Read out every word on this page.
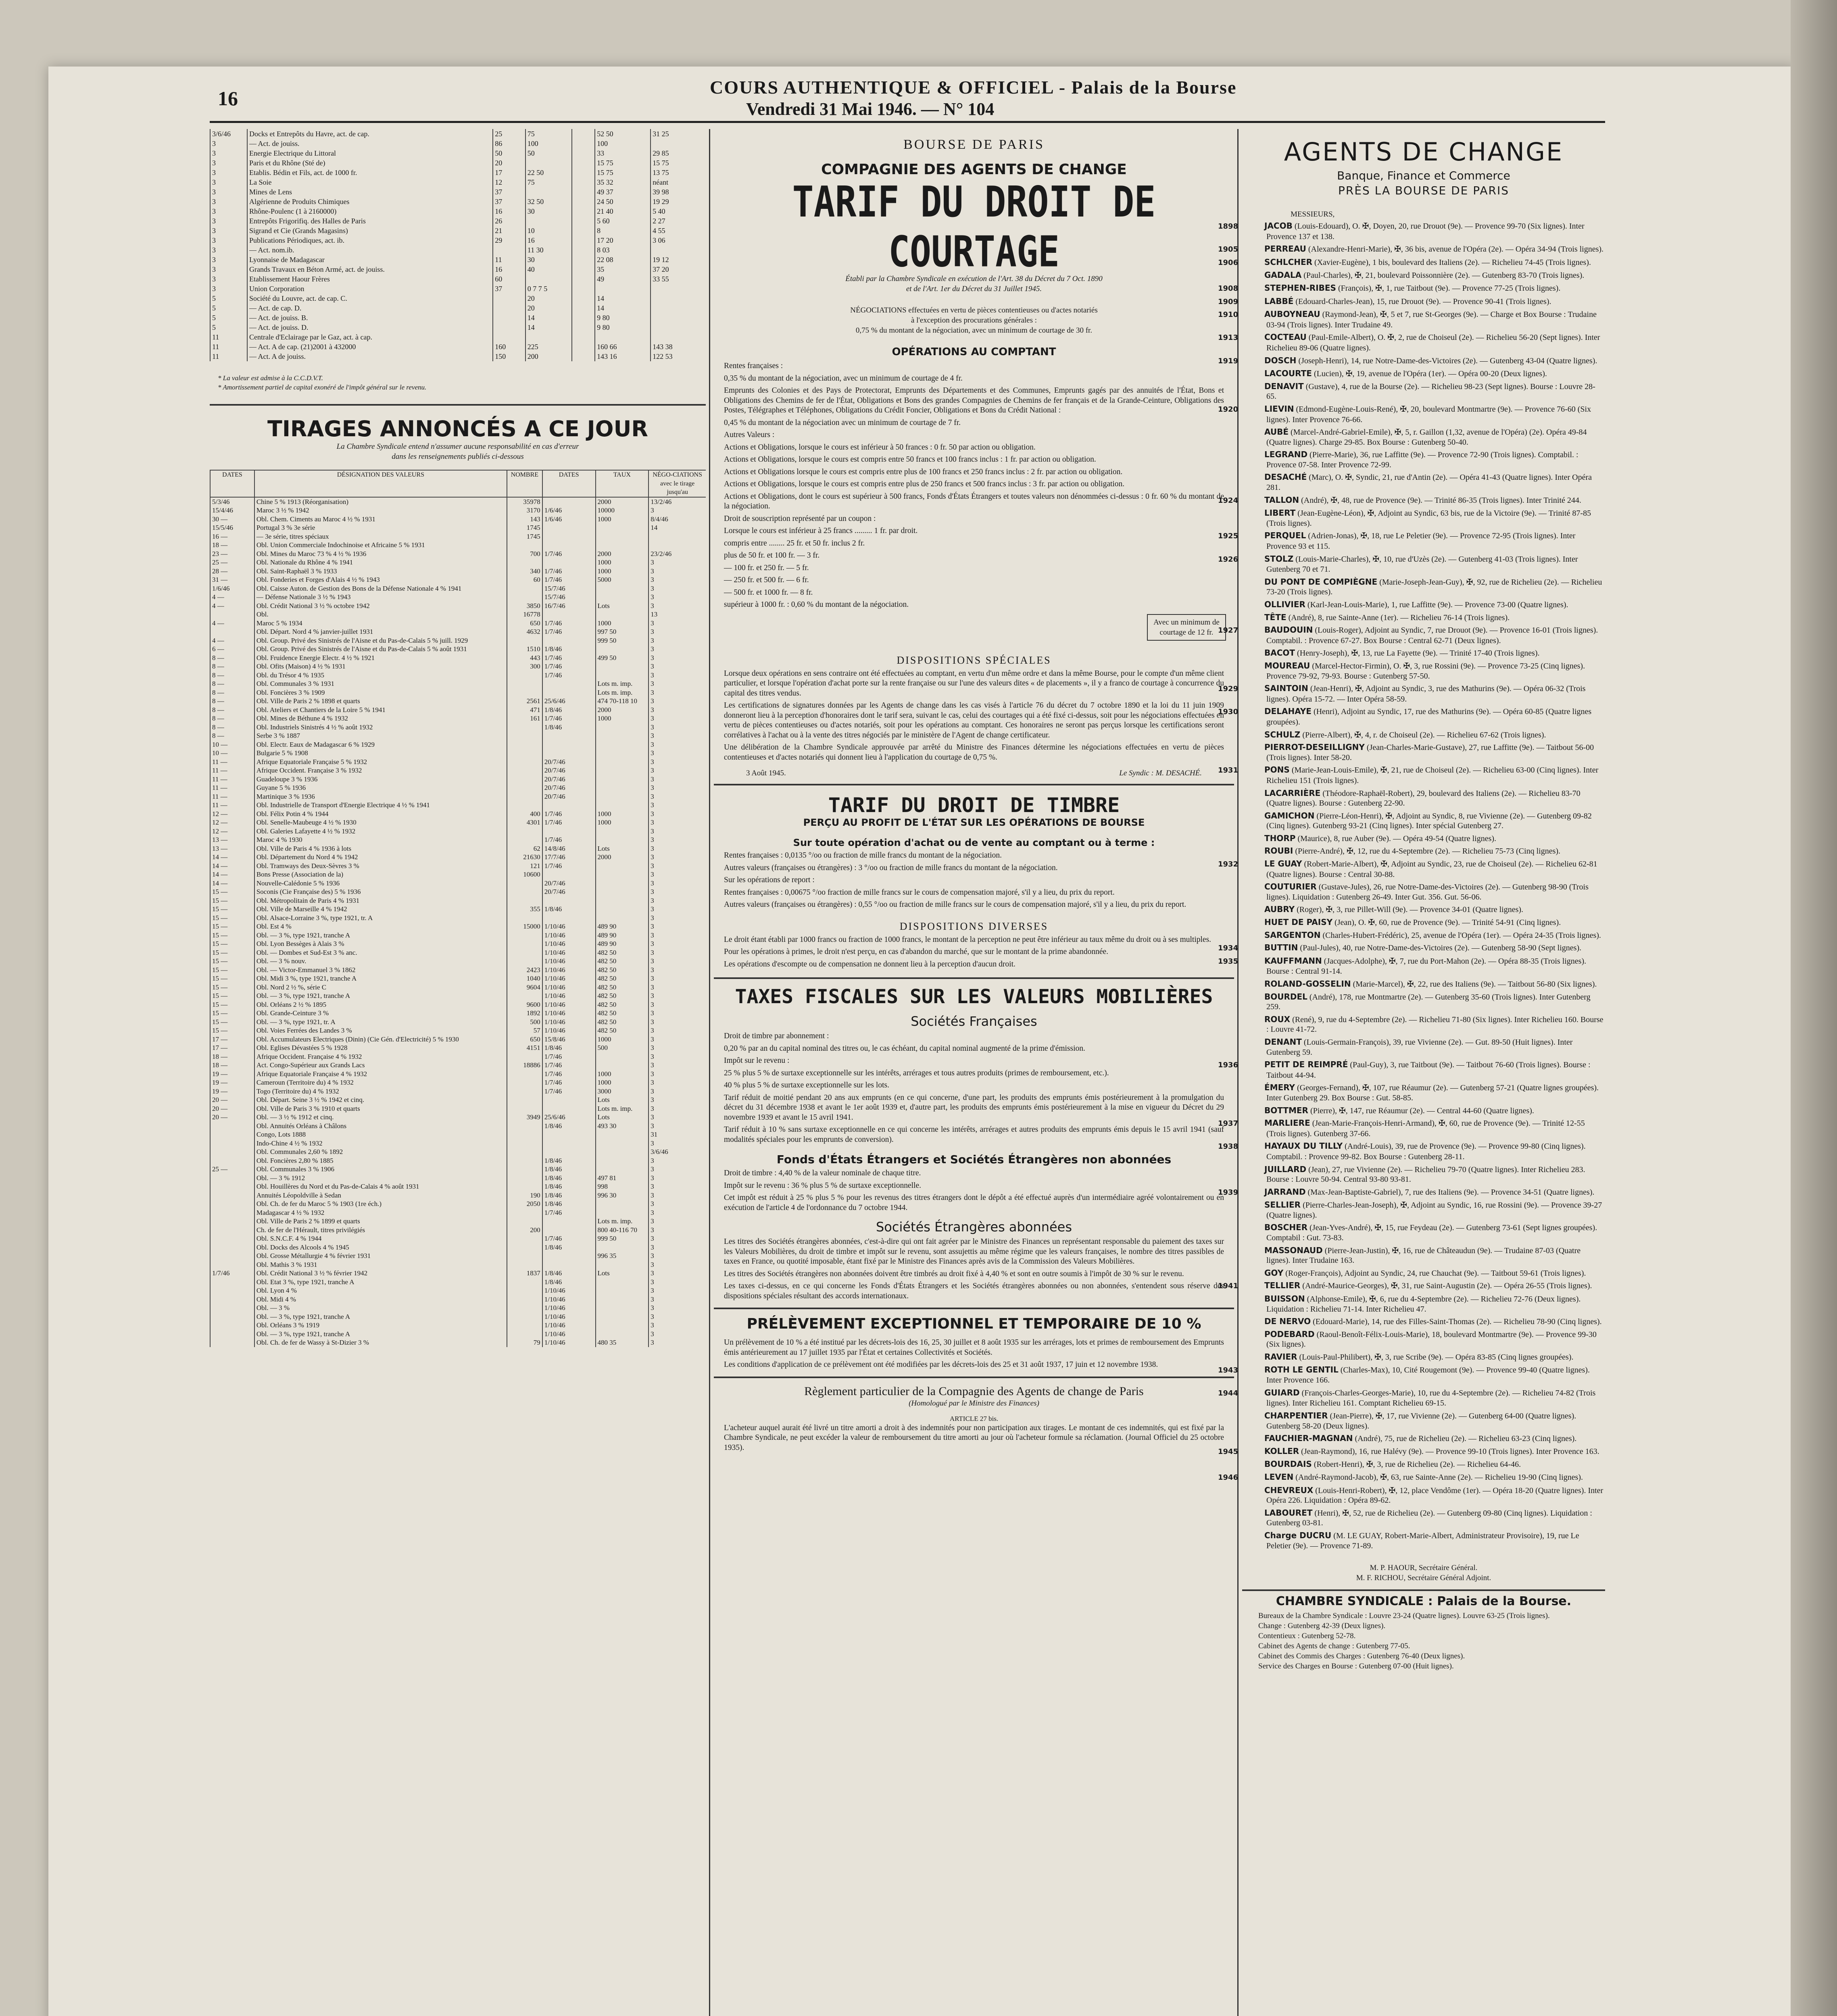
16	COURS AUTHENTIQUE & OFFICIEL - Palais de la Bourse
Vendredi 31 Mai 1946. — N° 104
3/6/46	Docks et Entrepôts du Havre, act. de cap.	25	75		52 50	31 25
3	— Act. de jouiss.	86	100		100	
3	Energie Electrique du Littoral	50	50		33	29 85
3	Paris et du Rhône (Sté de)	20			15 75	15 75
3	Etablis. Bédin et Fils, act. de 1000 fr.	17	22 50		15 75	13 75
3	La Soie	12	75		35 32	néant
3	Mines de Lens	37			49 37	39 98
3	Algérienne de Produits Chimiques	37	32 50		24 50	19 29
3	Rhône-Poulenc (1 à 2160000)	16	30		21 40	5 40
3	Entrepôts Frigorifiq. des Halles de Paris	26			5 60	2 27
3	Sigrand et Cie (Grands Magasins)	21	10		8	4 55
3	Publications Périodiques, act. ib.	29	16		17 20	3 06
3	— Act. nom.ib.		11 30		8 03	
3	Lyonnaise de Madagascar	11	30		22 08	19 12
3	Grands Travaux en Béton Armé, act. de jouiss.	16	40		35	37 20
3	Etablissement Haour Frères	60			49	33 55
3	Union Corporation	37	0 7 7 5			
5	Société du Louvre, act. de cap. C.		20		14	
5	— Act. de cap. D.		20		14	
5	— Act. de jouiss. B.		14		9 80	
5	— Act. de jouiss. D.		14		9 80	
11	Centrale d'Eclairage par le Gaz, act. à cap.					
11	— Act. A de cap. (21)2001 à 432000	160	225		160 66	143 38
11	— Act. A de jouiss.	150	200		143 16	122 53
* La valeur est admise à la C.C.D.V.T.
* Amortissement partiel de capital exonéré de l'impôt général sur le revenu.
TIRAGES ANNONCÉS A CE JOUR
La Chambre Syndicale entend n'assumer aucune responsabilité en cas d'erreur
dans les renseignements publiés ci-dessous
DATES	DÉSIGNATION DES VALEURS	NOMBRE	DATES	TAUX	NÉGO-CIATIONS avec le tirage jusqu'au
5/3/46	Chine 5 % 1913 (Réorganisation)	35978		2000	13/2/46
15/4/46	Maroc 3 ½ % 1942	3170	1/6/46	10000	3
30 —	Obl. Chem. Ciments au Maroc 4 ½ % 1931	143	1/6/46	1000	8/4/46
15/5/46	Portugal 3 % 3e série	1745			14
16 —	— 3e série, titres spéciaux	1745			
18 —	Obl. Union Commerciale Indochinoise et Africaine 5 % 1931				
23 —	Obl. Mines du Maroc 73 % 4 ½ % 1936	700	1/7/46	2000	23/2/46
25 —	Obl. Nationale du Rhône 4 % 1941			1000	3
28 —	Obl. Saint-Raphaël 3 % 1933	340	1/7/46	1000	3
31 —	Obl. Fonderies et Forges d'Alais 4 ½ % 1943	60	1/7/46	5000	3
1/6/46	Obl. Caisse Auton. de Gestion des Bons de la Défense Nationale 4 % 1941		15/7/46		3
4 —	— Défense Nationale 3 ½ % 1943		15/7/46		3
4 —	Obl. Crédit National 3 ½ % octobre 1942	3850	16/7/46	Lots	3
	Obl.	16778			13
4 —	Maroc 5 % 1934	650	1/7/46	1000	3
	Obl. Départ. Nord 4 % janvier-juillet 1931	4632	1/7/46	997 50	3
4 —	Obl. Group. Privé des Sinistrés de l'Aisne et du Pas-de-Calais 5 % juill. 1929			999 50	3
6 —	Obl. Group. Privé des Sinistrés de l'Aisne et du Pas-de-Calais 5 % août 1931	1510	1/8/46		3
8 —	Obl. Fruidence Energie Electr. 4 ½ % 1921	443	1/7/46	499 50	3
8 —	Obl. Ofits (Maison) 4 ½ % 1931	300	1/7/46		3
8 —	Obl. du Trésor 4 % 1935		1/7/46		3
8 —	Obl. Communales 3 % 1931			Lots m. imp.	3
8 —	Obl. Foncières 3 % 1909			Lots m. imp.	3
8 —	Obl. Ville de Paris 2 % 1898 et quarts	2561	25/6/46	474 70-118 10	3
8 —	Obl. Ateliers et Chantiers de la Loire 5 % 1941	471	1/8/46	2000	3
8 —	Obl. Mines de Béthune 4 % 1932	161	1/7/46	1000	3
8 —	Obl. Industriels Sinistrés 4 ½ % août 1932		1/8/46		3
8 —	Serbe 3 % 1887				3
10 —	Obl. Electr. Eaux de Madagascar 6 % 1929				3
10 —	Bulgarie 5 % 1908				3
11 —	Afrique Equatoriale Française 5 % 1932		20/7/46		3
11 —	Afrique Occident. Française 3 % 1932		20/7/46		3
11 —	Guadeloupe 3 % 1936		20/7/46		3
11 —	Guyane 5 % 1936		20/7/46		3
11 —	Martinique 3 % 1936		20/7/46		3
11 —	Obl. Industrielle de Transport d'Energie Electrique 4 ½ % 1941				3
12 —	Obl. Félix Potin 4 % 1944	400	1/7/46	1000	3
12 —	Obl. Senelle-Maubeuge 4 ½ % 1930	4301	1/7/46	1000	3
12 —	Obl. Galeries Lafayette 4 ½ % 1932				3
13 —	Maroc 4 % 1930		1/7/46		3
13 —	Obl. Ville de Paris 4 % 1936 à lots	62	14/8/46	Lots	3
14 —	Obl. Département du Nord 4 % 1942	21630	17/7/46	2000	3
14 —	Obl. Tramways des Deux-Sèvres 3 %	121	1/7/46		3
14 —	Bons Presse (Association de la)	10600			3
14 —	Nouvelle-Calédonie 5 % 1936		20/7/46		3
15 —	Soconis (Cie Française des) 5 % 1936		20/7/46		3
15 —	Obl. Métropolitain de Paris 4 % 1931				3
15 —	Obl. Ville de Marseille 4 % 1942	355	1/8/46		3
15 —	Obl. Alsace-Lorraine 3 %, type 1921, tr. A				3
15 —	Obl. Est 4 %	15000	1/10/46	489 90	3
15 —	Obl. — 3 %, type 1921, tranche A		1/10/46	489 90	3
15 —	Obl. Lyon Bessèges à Alais 3 %		1/10/46	489 90	3
15 —	Obl. — Dombes et Sud-Est 3 % anc.		1/10/46	482 50	3
15 —	Obl. — 3 % nouv.		1/10/46	482 50	3
15 —	Obl. — Victor-Emmanuel 3 % 1862	2423	1/10/46	482 50	3
15 —	Obl. Midi 3 %, type 1921, tranche A	1040	1/10/46	482 50	3
15 —	Obl. Nord 2 ½ %, série C	9604	1/10/46	482 50	3
15 —	Obl. — 3 %, type 1921, tranche A		1/10/46	482 50	3
15 —	Obl. Orléans 2 ½ % 1895	9600	1/10/46	482 50	3
15 —	Obl. Grande-Ceinture 3 %	1892	1/10/46	482 50	3
15 —	Obl. — 3 %, type 1921, tr. A	500	1/10/46	482 50	3
15 —	Obl. Voies Ferrées des Landes 3 %	57	1/10/46	482 50	3
17 —	Obl. Accumulateurs Electriques (Dinin) (Cie Gén. d'Electricité) 5 % 1930	650	15/8/46	1000	3
17 —	Obl. Eglises Dévastées 5 % 1928	4151	1/8/46	500	3
18 —	Afrique Occident. Française 4 % 1932		1/7/46		3
18 —	Act. Congo-Supérieur aux Grands Lacs	18886	1/7/46		3
19 —	Afrique Equatoriale Française 4 % 1932		1/7/46	1000	3
19 —	Cameroun (Territoire du) 4 % 1932		1/7/46	1000	3
19 —	Togo (Territoire du) 4 % 1932		1/7/46	3000	3
20 —	Obl. Départ. Seine 3 ½ % 1942 et cinq.			Lots	3
20 —	Obl. Ville de Paris 3 % 1910 et quarts			Lots m. imp.	3
20 —	Obl. — 3 ½ % 1912 et cinq.	3949	25/6/46	Lots	3
	Obl. Annuités Orléans à Châlons		1/8/46	493 30	3
	Congo, Lots 1888				31
	Indo-Chine 4 ½ % 1932				3
	Obl. Communales 2,60 % 1892				3/6/46
	Obl. Foncières 2,80 % 1885		1/8/46		3
25 —	Obl. Communales 3 % 1906		1/8/46		3
	Obl. — 3 % 1912		1/8/46	497 81	3
	Obl. Houillères du Nord et du Pas-de-Calais 4 % août 1931		1/8/46	998	3
	Annuités Léopoldville à Sedan	190	1/8/46	996 30	3
	Obl. Ch. de fer du Maroc 5 % 1903 (1re éch.)	2050	1/8/46		3
	Madagascar 4 ½ % 1932		1/7/46		3
	Obl. Ville de Paris 2 % 1899 et quarts			Lots m. imp.	3
	Ch. de fer de l'Hérault, titres privilégiés	200		800 40-116 70	3
	Obl. S.N.C.F. 4 % 1944		1/7/46	999 50	3
	Obl. Docks des Alcools 4 % 1945		1/8/46		3
	Obl. Grosse Métallurgie 4 % février 1931			996 35	3
	Obl. Mathis 3 % 1931				3
1/7/46	Obl. Crédit National 3 ½ % février 1942	1837	1/8/46	Lots	3
	Obl. Etat 3 %, type 1921, tranche A		1/8/46		3
	Obl. Lyon 4 %		1/10/46		3
	Obl. Midi 4 %		1/10/46		3
	Obl. — 3 %		1/10/46		3
	Obl. — 3 %, type 1921, tranche A		1/10/46		3
	Obl. Orléans 3 % 1919		1/10/46		3
	Obl. — 3 %, type 1921, tranche A		1/10/46		3
	Obl. Ch. de fer de Wassy à St-Dizier 3 %	79	1/10/46	480 35	3
BOURSE DE PARIS
COMPAGNIE DES AGENTS DE CHANGE
TARIF DU DROIT DE COURTAGE
Établi par la Chambre Syndicale en exécution de l'Art. 38 du Décret du 7 Oct. 1890
et de l'Art. 1er du Décret du 31 Juillet 1945.
NÉGOCIATIONS effectuées en vertu de pièces contentieuses ou d'actes notariés
à l'exception des procurations générales :
0,75 % du montant de la négociation, avec un minimum de courtage de 30 fr.
OPÉRATIONS AU COMPTANT
Rentes françaises :
0,35 % du montant de la négociation, avec un minimum de courtage de 4 fr.
Emprunts des Colonies et des Pays de Protectorat, Emprunts des Départements et des Communes, Emprunts gagés par des annuités de l'État, Bons et Obligations des Chemins de fer de l'État, Obligations et Bons des grandes Compagnies de Chemins de fer français et de la Grande-Ceinture, Obligations des Postes, Télégraphes et Téléphones, Obligations du Crédit Foncier, Obligations et Bons du Crédit National :
0,45 % du montant de la négociation avec un minimum de courtage de 7 fr.
Autres Valeurs :
Actions et Obligations, lorsque le cours est inférieur à 50 frances : 0 fr. 50 par action ou obligation.
Actions et Obligations, lorsque le cours est compris entre 50 francs et 100 francs inclus : 1 fr. par action ou obligation.
Actions et Obligations lorsque le cours est compris entre plus de 100 francs et 250 francs inclus : 2 fr. par action ou obligation.
Actions et Obligations, lorsque le cours est compris entre plus de 250 francs et 500 francs inclus : 3 fr. par action ou obligation.
Actions et Obligations, dont le cours est supérieur à 500 francs, Fonds d'États Étrangers et toutes valeurs non dénommées ci-dessus : 0 fr. 60 % du montant de la négociation.
Droit de souscription représenté par un coupon :
Lorsque le cours est inférieur à 25 francs ......... 1 fr. par droit.
compris entre ........ 25 fr. et 50 fr. inclus 2 fr.
plus de 50 fr. et 100 fr. — 3 fr.
— 100 fr. et 250 fr. — 5 fr.
— 250 fr. et 500 fr. — 6 fr.
— 500 fr. et 1000 fr. — 8 fr.
supérieur à 1000 fr. : 0,60 % du montant de la négociation.
Avec un minimum de courtage de 12 fr.
DISPOSITIONS SPÉCIALES
Lorsque deux opérations en sens contraire ont été effectuées au comptant, en vertu d'un même ordre et dans la même Bourse, pour le compte d'un même client particulier, et lorsque l'opération d'achat porte sur la rente française ou sur l'une des valeurs dites « de placements », il y a franco de courtage à concurrence du capital des titres vendus.
Les certifications de signatures données par les Agents de change dans les cas visés à l'article 76 du décret du 7 octobre 1890 et la loi du 11 juin 1909 donneront lieu à la perception d'honoraires dont le tarif sera, suivant le cas, celui des courtages qui a été fixé ci-dessus, soit pour les négociations effectuées en vertu de pièces contentieuses ou d'actes notariés, soit pour les opérations au comptant. Ces honoraires ne seront pas perçus lorsque les certifications seront corrélatives à l'achat ou à la vente des titres négociés par le ministère de l'Agent de change certificateur.
Une délibération de la Chambre Syndicale approuvée par arrêté du Ministre des Finances détermine les négociations effectuées en vertu de pièces contentieuses et d'actes notariés qui donnent lieu à l'application du courtage de 0,75 %.
3 Août 1945.	Le Syndic : M. DESACHÉ.
TARIF DU DROIT DE TIMBRE
PERÇU AU PROFIT DE L'ÉTAT SUR LES OPÉRATIONS DE BOURSE
Sur toute opération d'achat ou de vente au comptant ou à terme :
Rentes françaises : 0,0135 °/oo ou fraction de mille francs du montant de la négociation.
Autres valeurs (françaises ou étrangères) : 3 °/oo ou fraction de mille francs du montant de la négociation.
Sur les opérations de report :
Rentes françaises : 0,00675 °/oo fraction de mille francs sur le cours de compensation majoré, s'il y a lieu, du prix du report.
Autres valeurs (françaises ou étrangères) : 0,55 °/oo ou fraction de mille francs sur le cours de compensation majoré, s'il y a lieu, du prix du report.
DISPOSITIONS DIVERSES
Le droit étant établi par 1000 francs ou fraction de 1000 francs, le montant de la perception ne peut être inférieur au taux même du droit ou à ses multiples.
Pour les opérations à primes, le droit n'est perçu, en cas d'abandon du marché, que sur le montant de la prime abandonnée.
Les opérations d'escompte ou de compensation ne donnent lieu à la perception d'aucun droit.
TAXES FISCALES SUR LES VALEURS MOBILIÈRES
Sociétés Françaises
Droit de timbre par abonnement :
0,20 % par an du capital nominal des titres ou, le cas échéant, du capital nominal augmenté de la prime d'émission.
Impôt sur le revenu :
25 % plus 5 % de surtaxe exceptionnelle sur les intérêts, arrérages et tous autres produits (primes de remboursement, etc.).
40 % plus 5 % de surtaxe exceptionnelle sur les lots.
Tarif réduit de moitié pendant 20 ans aux emprunts (en ce qui concerne, d'une part, les produits des emprunts émis postérieurement à la promulgation du décret du 31 décembre 1938 et avant le 1er août 1939 et, d'autre part, les produits des emprunts émis postérieurement à la mise en vigueur du Décret du 29 novembre 1939 et avant le 15 avril 1941.
Tarif réduit à 10 % sans surtaxe exceptionnelle en ce qui concerne les intérêts, arrérages et autres produits des emprunts émis depuis le 15 avril 1941 (sauf modalités spéciales pour les emprunts de conversion).
Fonds d'États Étrangers et Sociétés Étrangères non abonnées
Droit de timbre : 4,40 % de la valeur nominale de chaque titre.
Impôt sur le revenu : 36 % plus 5 % de surtaxe exceptionnelle.
Cet impôt est réduit à 25 % plus 5 % pour les revenus des titres étrangers dont le dépôt a été effectué auprès d'un intermédiaire agréé volontairement ou en exécution de l'article 4 de l'ordonnance du 7 octobre 1944.
Sociétés Étrangères abonnées
Les titres des Sociétés étrangères abonnées, c'est-à-dire qui ont fait agréer par le Ministre des Finances un représentant responsable du paiement des taxes sur les Valeurs Mobilières, du droit de timbre et impôt sur le revenu, sont assujettis au même régime que les valeurs françaises, le nombre des titres passibles de taxes en France, ou quotité imposable, étant fixé par le Ministre des Finances après avis de la Commission des Valeurs Mobilières.
Les titres des Sociétés étrangères non abonnées doivent être timbrés au droit fixé à 4,40 % et sont en outre soumis à l'impôt de 30 % sur le revenu.
Les taxes ci-dessus, en ce qui concerne les Fonds d'États Étrangers et les Sociétés étrangères abonnées ou non abonnées, s'entendent sous réserve des dispositions spéciales résultant des accords internationaux.
PRÉLÈVEMENT EXCEPTIONNEL ET TEMPORAIRE DE 10 %
Un prélèvement de 10 % a été institué par les décrets-lois des 16, 25, 30 juillet et 8 août 1935 sur les arrérages, lots et primes de remboursement des Emprunts émis antérieurement au 17 juillet 1935 par l'État et certaines Collectivités et Sociétés.
Les conditions d'application de ce prélèvement ont été modifiées par les décrets-lois des 25 et 31 août 1937, 17 juin et 12 novembre 1938.
Règlement particulier de la Compagnie des Agents de change de Paris
(Homologué par le Ministre des Finances)
ARTICLE 27 bis.
L'acheteur auquel aurait été livré un titre amorti a droit à des indemnités pour non participation aux tirages. Le montant de ces indemnités, qui est fixé par la Chambre Syndicale, ne peut excéder la valeur de remboursement du titre amorti au jour où l'acheteur formule sa réclamation. (Journal Officiel du 25 octobre 1935).
AGENTS DE CHANGE
Banque, Finance et Commerce
PRÈS LA BOURSE DE PARIS
MESSIEURS,
1898	JACOB (Louis-Edouard), O. ✠, Doyen, 20, rue Drouot (9e). — Provence 99-70 (Six lignes). Inter Provence 137 et 138.
1905	PERREAU (Alexandre-Henri-Marie), ✠, 36 bis, avenue de l'Opéra (2e). — Opéra 34-94 (Trois lignes).
1906	SCHLCHER (Xavier-Eugène), 1 bis, boulevard des Italiens (2e). — Richelieu 74-45 (Trois lignes).
GADALA (Paul-Charles), ✠, 21, boulevard Poissonnière (2e). — Gutenberg 83-70 (Trois lignes).
1908	STEPHEN-RIBES (François), ✠, 1, rue Taitbout (9e). — Provence 77-25 (Trois lignes).
1909	LABBÉ (Edouard-Charles-Jean), 15, rue Drouot (9e). — Provence 90-41 (Trois lignes).
1910	AUBOYNEAU (Raymond-Jean), ✠, 5 et 7, rue St-Georges (9e). — Charge et Box Bourse : Trudaine 03-94 (Trois lignes). Inter Trudaine 49.
1913	COCTEAU (Paul-Emile-Albert), O. ✠, 2, rue de Choiseul (2e). — Richelieu 56-20 (Sept lignes). Inter Richelieu 89-06 (Quatre lignes).
1919	DOSCH (Joseph-Henri), 14, rue Notre-Dame-des-Victoires (2e). — Gutenberg 43-04 (Quatre lignes).
LACOURTE (Lucien), ✠, 19, avenue de l'Opéra (1er). — Opéra 00-20 (Deux lignes).
DENAVIT (Gustave), 4, rue de la Bourse (2e). — Richelieu 98-23 (Sept lignes). Bourse : Louvre 28-65.
1920	LIEVIN (Edmond-Eugène-Louis-René), ✠, 20, boulevard Montmartre (9e). — Provence 76-60 (Six lignes). Inter Provence 76-66.
AUBÉ (Marcel-André-Gabriel-Emile), ✠, 5, r. Gaillon (1,32, avenue de l'Opéra) (2e). Opéra 49-84 (Quatre lignes). Charge 29-85. Box Bourse : Gutenberg 50-40.
LEGRAND (Pierre-Marie), 36, rue Laffitte (9e). — Provence 72-90 (Trois lignes). Comptabil. : Provence 07-58. Inter Provence 72-99.
DESACHÉ (Marc), O. ✠, Syndic, 21, rue d'Antin (2e). — Opéra 41-43 (Quatre lignes). Inter Opéra 281.
1924	TALLON (André), ✠, 48, rue de Provence (9e). — Trinité 86-35 (Trois lignes). Inter Trinité 244.
LIBERT (Jean-Eugène-Léon), ✠, Adjoint au Syndic, 63 bis, rue de la Victoire (9e). — Trinité 87-85 (Trois lignes).
1925	PERQUEL (Adrien-Jonas), ✠, 18, rue Le Peletier (9e). — Provence 72-95 (Trois lignes). Inter Provence 93 et 115.
1926	STOLZ (Louis-Marie-Charles), ✠, 10, rue d'Uzès (2e). — Gutenberg 41-03 (Trois lignes). Inter Gutenberg 70 et 71.
DU PONT DE COMPIÈGNE (Marie-Joseph-Jean-Guy), ✠, 92, rue de Richelieu (2e). — Richelieu 73-20 (Trois lignes).
OLLIVIER (Karl-Jean-Louis-Marie), 1, rue Laffitte (9e). — Provence 73-00 (Quatre lignes).
TÊTE (André), 8, rue Sainte-Anne (1er). — Richelieu 76-14 (Trois lignes).
1927	BAUDOUIN (Louis-Roger), Adjoint au Syndic, 7, rue Drouot (9e). — Provence 16-01 (Trois lignes). Comptabil. : Provence 67-27. Box Bourse : Central 62-71 (Deux lignes).
BACOT (Henry-Joseph), ✠, 13, rue La Fayette (9e). — Trinité 17-40 (Trois lignes).
MOUREAU (Marcel-Hector-Firmin), O. ✠, 3, rue Rossini (9e). — Provence 73-25 (Cinq lignes). Provence 79-92, 79-93. Bourse : Gutenberg 57-50.
1929	SAINTOIN (Jean-Henri), ✠, Adjoint au Syndic, 3, rue des Mathurins (9e). — Opéra 06-32 (Trois lignes). Opéra 15-72. — Inter Opéra 58-59.
1930	DELAHAYE (Henri), Adjoint au Syndic, 17, rue des Mathurins (9e). — Opéra 60-85 (Quatre lignes groupées).
SCHULZ (Pierre-Albert), ✠, 4, r. de Choiseul (2e). — Richelieu 67-62 (Trois lignes).
PIERROT-DESEILLIGNY (Jean-Charles-Marie-Gustave), 27, rue Laffitte (9e). — Taitbout 56-00 (Trois lignes). Inter 58-20.
1931	PONS (Marie-Jean-Louis-Emile), ✠, 21, rue de Choiseul (2e). — Richelieu 63-00 (Cinq lignes). Inter Richelieu 151 (Trois lignes).
LACARRIÈRE (Théodore-Raphaël-Robert), 29, boulevard des Italiens (2e). — Richelieu 83-70 (Quatre lignes). Bourse : Gutenberg 22-90.
GAMICHON (Pierre-Léon-Henri), ✠, Adjoint au Syndic, 8, rue Vivienne (2e). — Gutenberg 09-82 (Cinq lignes). Gutenberg 93-21 (Cinq lignes). Inter spécial Gutenberg 27.
THORP (Maurice), 8, rue Auber (9e). — Opéra 49-54 (Quatre lignes).
ROUBI (Pierre-André), ✠, 12, rue du 4-Septembre (2e). — Richelieu 75-73 (Cinq lignes).
1932	LE GUAY (Robert-Marie-Albert), ✠, Adjoint au Syndic, 23, rue de Choiseul (2e). — Richelieu 62-81 (Quatre lignes). Bourse : Central 30-88.
COUTURIER (Gustave-Jules), 26, rue Notre-Dame-des-Victoires (2e). — Gutenberg 98-90 (Trois lignes). Liquidation : Gutenberg 26-49. Inter Gut. 356. Gut. 56-06.
AUBRY (Roger), ✠, 3, rue Pillet-Will (9e). — Provence 34-01 (Quatre lignes).
HUET DE PAISY (Jean), O. ✠, 60, rue de Provence (9e). — Trinité 54-91 (Cinq lignes).
SARGENTON (Charles-Hubert-Frédéric), 25, avenue de l'Opéra (1er). — Opéra 24-35 (Trois lignes).
1934	BUTTIN (Paul-Jules), 40, rue Notre-Dame-des-Victoires (2e). — Gutenberg 58-90 (Sept lignes).
1935	KAUFFMANN (Jacques-Adolphe), ✠, 7, rue du Port-Mahon (2e). — Opéra 88-35 (Trois lignes). Bourse : Central 91-14.
ROLAND-GOSSELIN (Marie-Marcel), ✠, 22, rue des Italiens (9e). — Taitbout 56-80 (Six lignes).
BOURDEL (André), 178, rue Montmartre (2e). — Gutenberg 35-60 (Trois lignes). Inter Gutenberg 259.
ROUX (René), 9, rue du 4-Septembre (2e). — Richelieu 71-80 (Six lignes). Inter Richelieu 160. Bourse : Louvre 41-72.
DENANT (Louis-Germain-François), 39, rue Vivienne (2e). — Gut. 89-50 (Huit lignes). Inter Gutenberg 59.
1936	PETIT DE REIMPRÉ (Paul-Guy), 3, rue Taitbout (9e). — Taitbout 76-60 (Trois lignes). Bourse : Taitbout 44-94.
ÉMERY (Georges-Fernand), ✠, 107, rue Réaumur (2e). — Gutenberg 57-21 (Quatre lignes groupées). Inter Gutenberg 29. Box Bourse : Gut. 58-85.
BOTTMER (Pierre), ✠, 147, rue Réaumur (2e). — Central 44-60 (Quatre lignes).
1937	MARLIERE (Jean-Marie-François-Henri-Armand), ✠, 60, rue de Provence (9e). — Trinité 12-55 (Trois lignes). Gutenberg 37-66.
1938	HAYAUX DU TILLY (André-Louis), 39, rue de Provence (9e). — Provence 99-80 (Cinq lignes). Comptabil. : Provence 99-82. Box Bourse : Gutenberg 28-11.
JUILLARD (Jean), 27, rue Vivienne (2e). — Richelieu 79-70 (Quatre lignes). Inter Richelieu 283. Bourse : Louvre 50-94. Central 93-80 93-81.
1939	JARRAND (Max-Jean-Baptiste-Gabriel), 7, rue des Italiens (9e). — Provence 34-51 (Quatre lignes).
SELLIER (Pierre-Charles-Jean-Joseph), ✠, Adjoint au Syndic, 16, rue Rossini (9e). — Provence 39-27 (Quatre lignes).
BOSCHER (Jean-Yves-André), ✠, 15, rue Feydeau (2e). — Gutenberg 73-61 (Sept lignes groupées). Comptabil : Gut. 73-83.
MASSONAUD (Pierre-Jean-Justin), ✠, 16, rue de Châteaudun (9e). — Trudaine 87-03 (Quatre lignes). Inter Trudaine 163.
GOY (Roger-François), Adjoint au Syndic, 24, rue Chauchat (9e). — Taitbout 59-61 (Trois lignes).
1941	TELLIER (André-Maurice-Georges), ✠, 31, rue Saint-Augustin (2e). — Opéra 26-55 (Trois lignes).
BUISSON (Alphonse-Emile), ✠, 6, rue du 4-Septembre (2e). — Richelieu 72-76 (Deux lignes). Liquidation : Richelieu 71-14. Inter Richelieu 47.
DE NERVO (Edouard-Marie), 14, rue des Filles-Saint-Thomas (2e). — Richelieu 78-90 (Cinq lignes).
PODEBARD (Raoul-Benoît-Félix-Louis-Marie), 18, boulevard Montmartre (9e). — Provence 99-30 (Six lignes).
RAVIER (Louis-Paul-Philibert), ✠, 3, rue Scribe (9e). — Opéra 83-85 (Cinq lignes groupées).
1943	ROTH LE GENTIL (Charles-Max), 10, Cité Rougemont (9e). — Provence 99-40 (Quatre lignes). Inter Provence 166.
1944	GUIARD (François-Charles-Georges-Marie), 10, rue du 4-Septembre (2e). — Richelieu 74-82 (Trois lignes). Inter Richelieu 161. Comptant Richelieu 69-15.
CHARPENTIER (Jean-Pierre), ✠, 17, rue Vivienne (2e). — Gutenberg 64-00 (Quatre lignes). Gutenberg 58-20 (Deux lignes).
FAUCHIER-MAGNAN (André), 75, rue de Richelieu (2e). — Richelieu 63-23 (Cinq lignes).
1945	KOLLER (Jean-Raymond), 16, rue Halévy (9e). — Provence 99-10 (Trois lignes). Inter Provence 163.
BOURDAIS (Robert-Henri), ✠, 3, rue de Richelieu (2e). — Richelieu 64-46.
1946	LEVEN (André-Raymond-Jacob), ✠, 63, rue Sainte-Anne (2e). — Richelieu 19-90 (Cinq lignes).
CHEVREUX (Louis-Henri-Robert), ✠, 12, place Vendôme (1er). — Opéra 18-20 (Quatre lignes). Inter Opéra 226. Liquidation : Opéra 89-62.
LABOURET (Henri), ✠, 52, rue de Richelieu (2e). — Gutenberg 09-80 (Cinq lignes). Liquidation : Gutenberg 03-81.
Charge DUCRU (M. LE GUAY, Robert-Marie-Albert, Administrateur Provisoire), 19, rue Le Peletier (9e). — Provence 71-89.
M. P. HAOUR, Secrétaire Général.
M. F. RICHOU, Secrétaire Général Adjoint.
CHAMBRE SYNDICALE : Palais de la Bourse.
Bureaux de la Chambre Syndicale : Louvre 23-24 (Quatre lignes). Louvre 63-25 (Trois lignes).
Change : Gutenberg 42-39 (Deux lignes).
Contentieux : Gutenberg 52-78.
Cabinet des Agents de change : Gutenberg 77-05.
Cabinet des Commis des Charges : Gutenberg 76-40 (Deux lignes).
Service des Charges en Bourse : Gutenberg 07-00 (Huit lignes).
